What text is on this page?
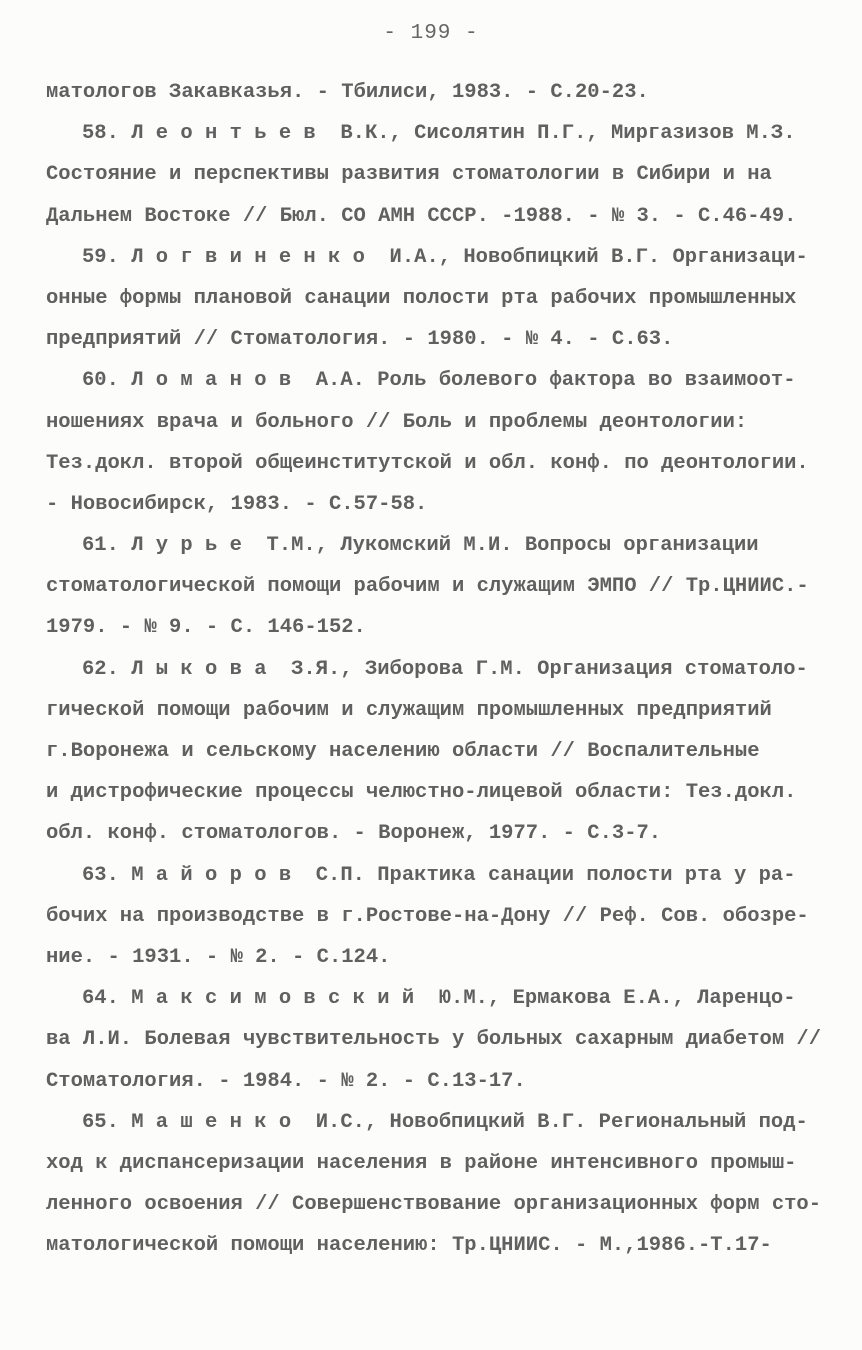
- 199 -
матологов Закавказья. - Тбилиси, 1983. - С.20-23.
58. Л е о н т ь е в  В.К., Сисолятин П.Г., Миргазизов М.З.
Состояние и перспективы развития стоматологии в Сибири и на
Дальнем Востоке // Бюл. СО АМН СССР. -1988. - № 3. - С.46-49.
59. Л о г в и н е н к о  И.А., Новобпицкий В.Г. Организаци-
онные формы плановой санации полости рта рабочих промышленных
предприятий // Стоматология. - 1980. - № 4. - С.63.
60. Л о м а н о в  А.А. Роль болевого фактора во взаимоот-
ношениях врача и больного // Боль и проблемы деонтологии:
Тез.докл. второй общеинститутской и обл. конф. по деонтологии.
- Новосибирск, 1983. - С.57-58.
61. Л у р ь е  Т.М., Лукомский М.И. Вопросы организации
стоматологической помощи рабочим и служащим ЭМПО // Тр.ЦНИИС.-
1979. - № 9. - С. 146-152.
62. Л ы к о в а  З.Я., Зиборова Г.М. Организация стоматоло-
гической помощи рабочим и служащим промышленных предприятий
г.Воронежа и сельскому населению области // Воспалительные
и дистрофические процессы челюстно-лицевой области: Тез.докл.
обл. конф. стоматологов. - Воронеж, 1977. - С.3-7.
63. М а й о р о в  С.П. Практика санации полости рта у ра-
бочих на производстве в г.Ростове-на-Дону // Реф. Сов. обозре-
ние. - 1931. - № 2. - С.124.
64. М а к с и м о в с к и й  Ю.М., Ермакова Е.А., Ларенцо-
ва Л.И. Болевая чувствительность у больных сахарным диабетом //
Стоматология. - 1984. - № 2. - С.13-17.
65. М а ш е н к о  И.С., Новобпицкий В.Г. Региональный под-
ход к диспансеризации населения в районе интенсивного промыш-
ленного освоения // Совершенствование организационных форм сто-
матологической помощи населению: Тр.ЦНИИС. - М.,1986.-Т.17-
